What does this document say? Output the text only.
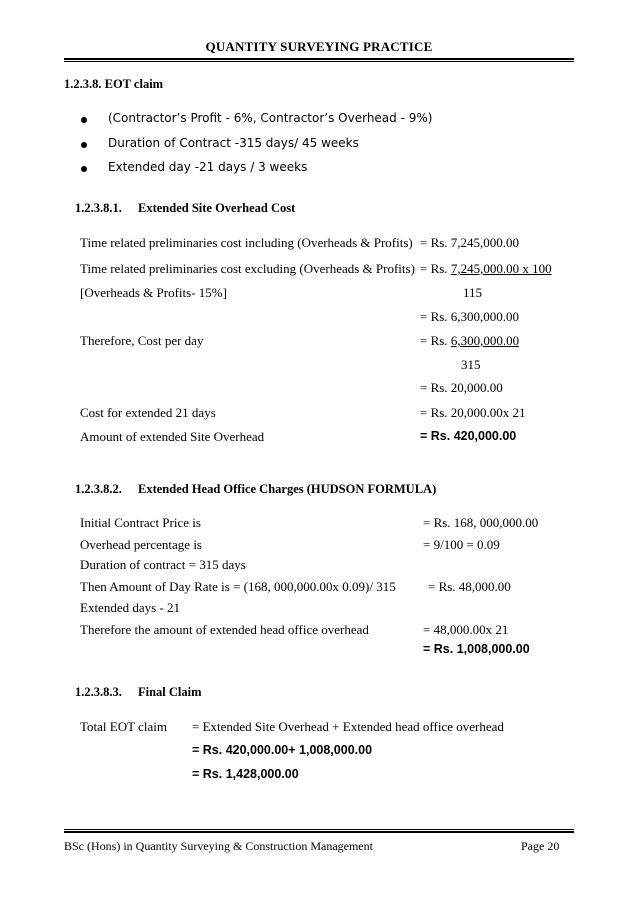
QUANTITY SURVEYING PRACTICE
1.2.3.8. EOT claim
(Contractor’s Profit - 6%, Contractor’s Overhead - 9%)
Duration of Contract -315 days/ 45 weeks
Extended day -21 days / 3 weeks
1.2.3.8.1. Extended Site Overhead Cost
Time related preliminaries cost including (Overheads & Profits) = Rs. 7,245,000.00
Time related preliminaries cost excluding (Overheads & Profits) = Rs. 7,245,000.00 x 100
[Overheads & Profits- 15%]	115
= Rs. 6,300,000.00
Therefore, Cost per day	= Rs. 6,300,000.00
315
= Rs. 20,000.00
Cost for extended 21 days	= Rs. 20,000.00x 21
Amount of extended Site Overhead	= Rs. 420,000.00
1.2.3.8.2. Extended Head Office Charges (HUDSON FORMULA)
Initial Contract Price is	= Rs. 168, 000,000.00
Overhead percentage is	= 9/100 = 0.09
Duration of contract = 315 days
Then Amount of Day Rate is = (168, 000,000.00x 0.09)/ 315 = Rs. 48,000.00
Extended days - 21
Therefore the amount of extended head office overhead	= 48,000.00x 21
= Rs. 1,008,000.00
1.2.3.8.3. Final Claim
Total EOT claim = Extended Site Overhead + Extended head office overhead
= Rs. 420,000.00+ 1,008,000.00
= Rs. 1,428,000.00
BSc (Hons) in Quantity Surveying & Construction Management	Page 20
